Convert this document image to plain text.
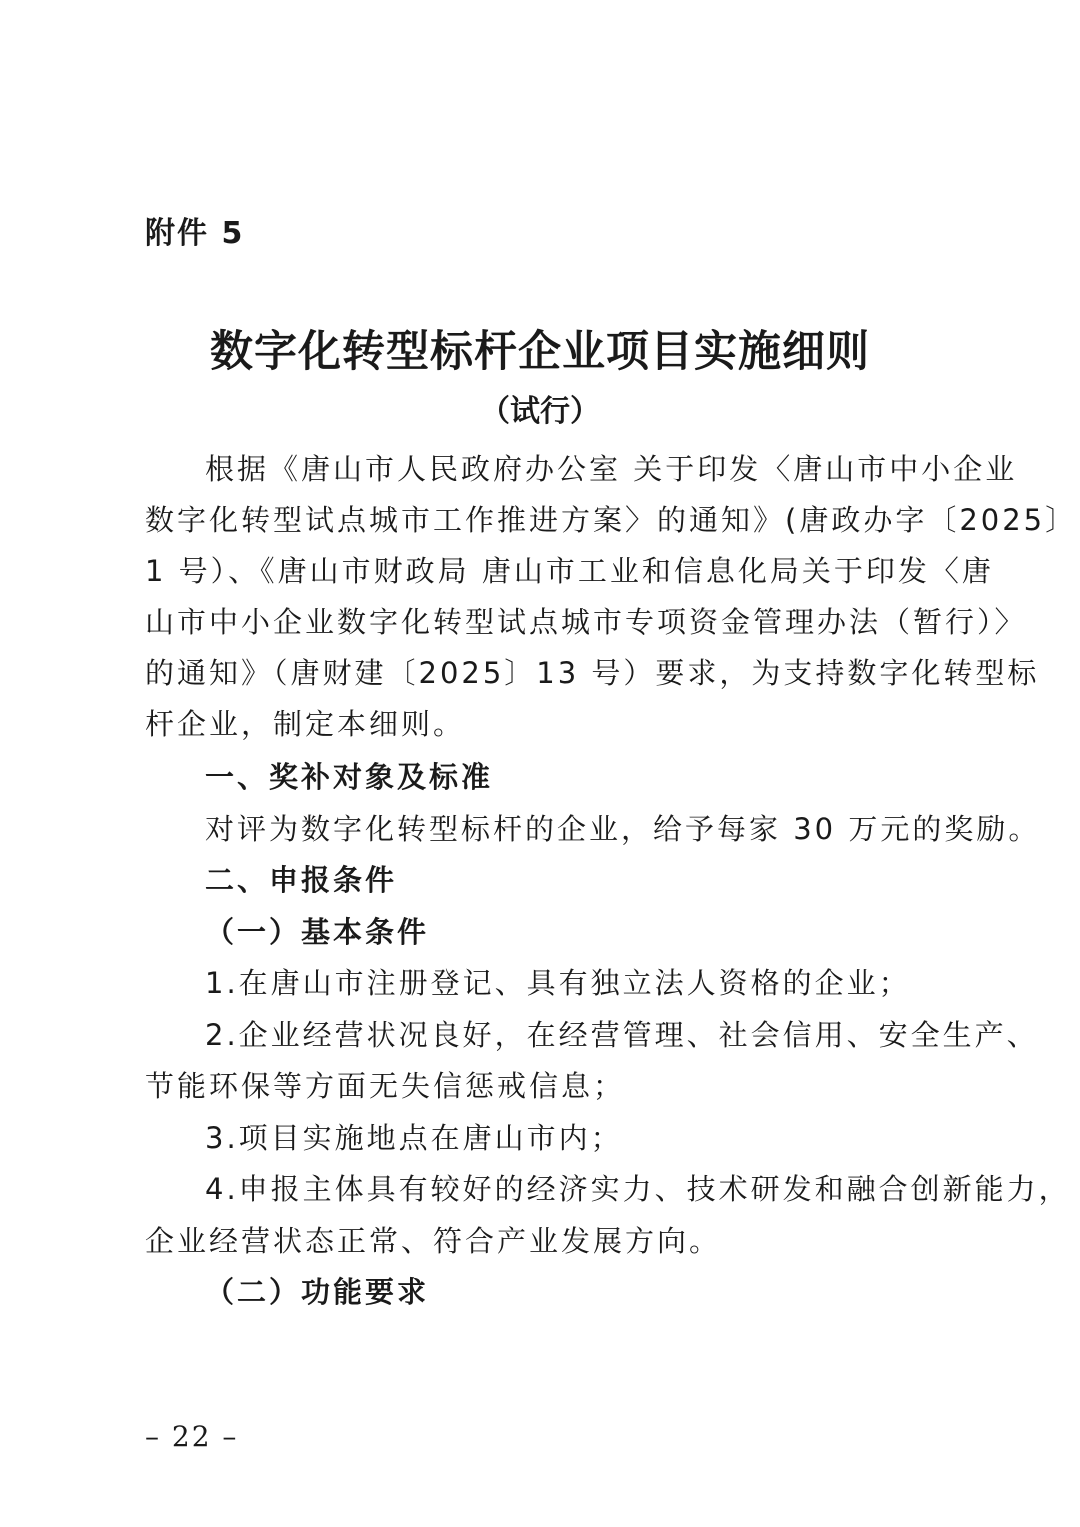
附件 5
数字化转型标杆企业项目实施细则
（试行）
根据《唐山市人民政府办公室 关于印发〈唐山市中小企业
数字化转型试点城市工作推进方案〉的通知》(唐政办字〔2025〕
1 号）、《唐山市财政局 唐山市工业和信息化局关于印发〈唐
山市中小企业数字化转型试点城市专项资金管理办法（暂行）〉
的通知》（唐财建〔2025〕13 号）要求，为支持数字化转型标
杆企业，制定本细则。
一、奖补对象及标准
对评为数字化转型标杆的企业，给予每家 30 万元的奖励。
二、申报条件
（一）基本条件
1.在唐山市注册登记、具有独立法人资格的企业；
2.企业经营状况良好，在经营管理、社会信用、安全生产、
节能环保等方面无失信惩戒信息；
3.项目实施地点在唐山市内；
4.申报主体具有较好的经济实力、技术研发和融合创新能力，
企业经营状态正常、符合产业发展方向。
（二）功能要求
– 22 –
